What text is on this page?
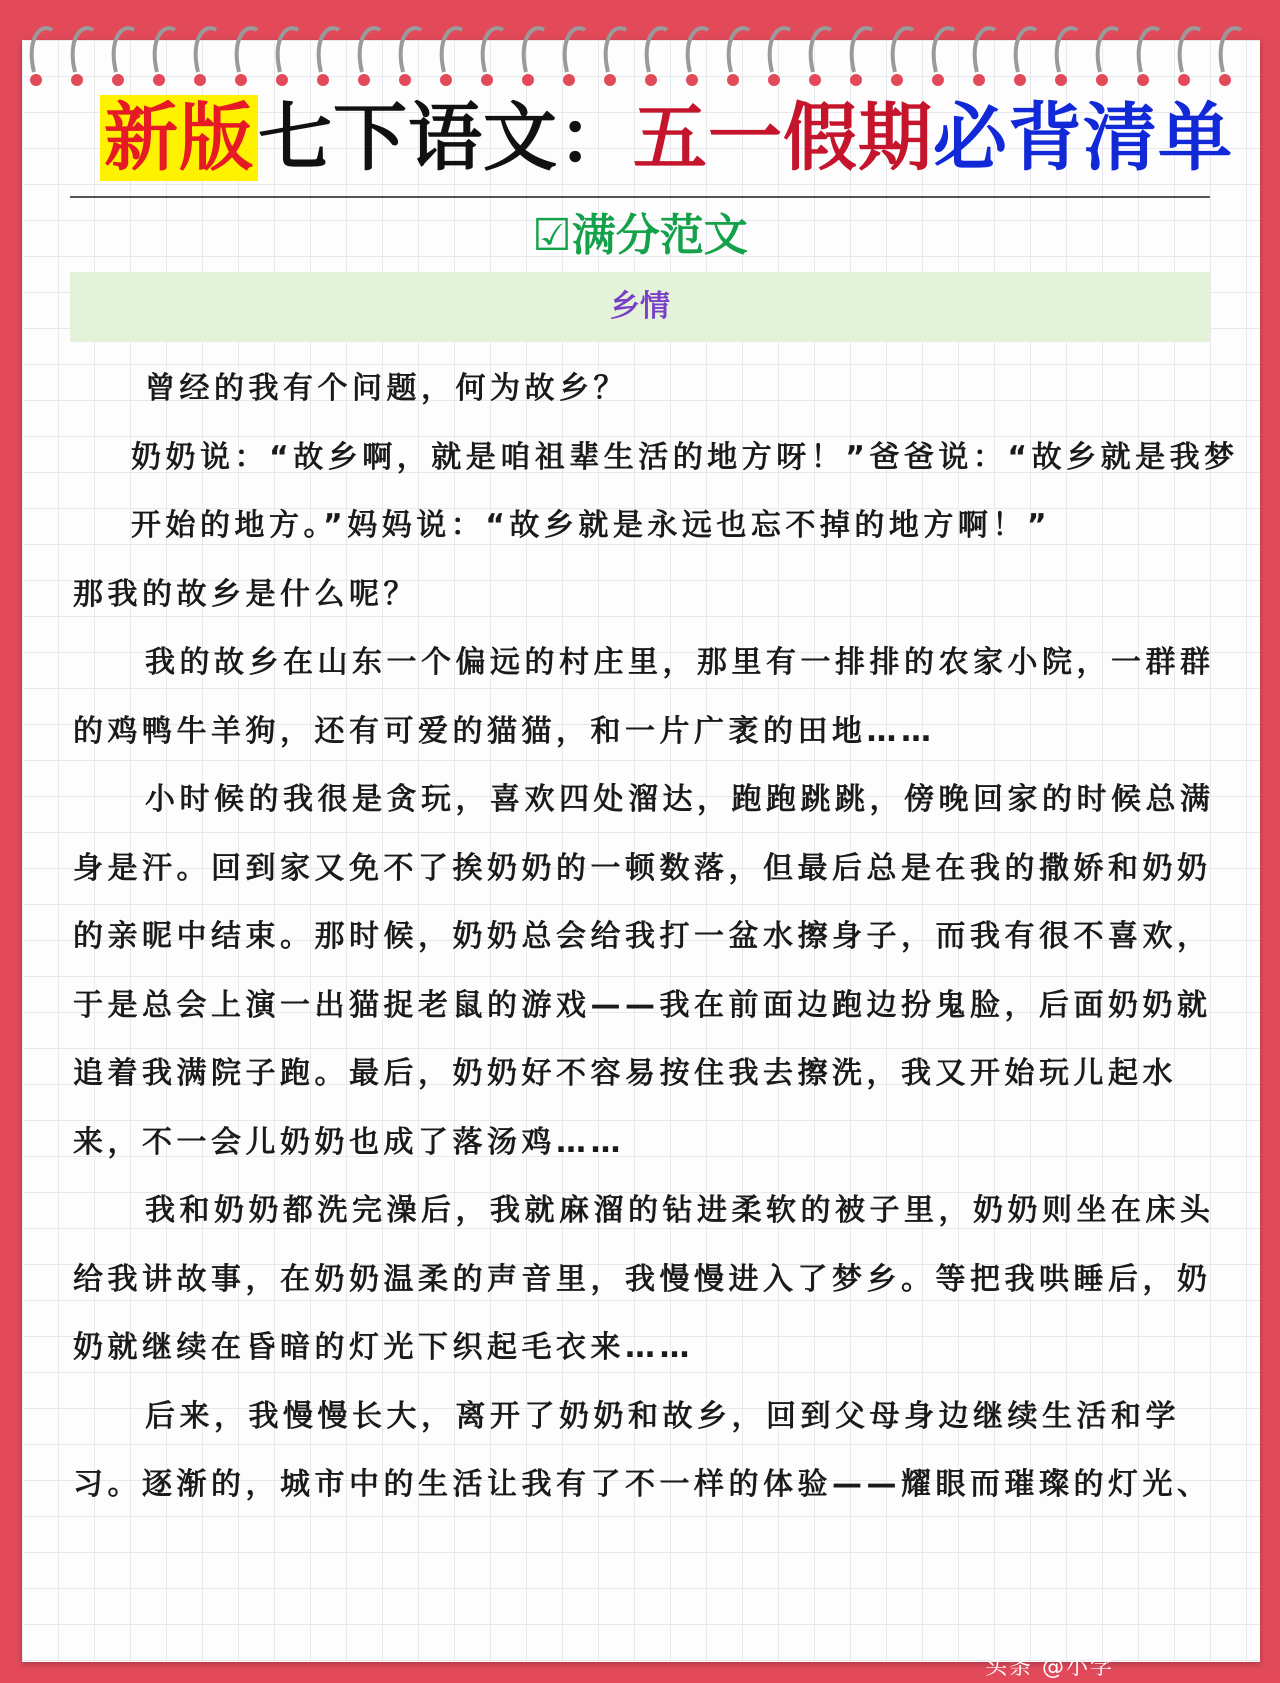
新版七下语文：五一假期必背清单
☑满分范文
乡情

曾经的我有个问题，何为故乡？

奶奶说：“故乡啊，就是咱祖辈生活的地方呀！”爸爸说：“故乡就是我梦开始的地方。”妈妈说：“故乡就是永远也忘不掉的地方啊！”

那我的故乡是什么呢？

我的故乡在山东一个偏远的村庄里，那里有一排排的农家小院，一群群的鸡鸭牛羊狗，还有可爱的猫猫，和一片广袤的田地……

小时候的我很是贪玩，喜欢四处溜达，跑跑跳跳，傍晚回家的时候总满身是汗。回到家又免不了挨奶奶的一顿数落，但最后总是在我的撒娇和奶奶的亲昵中结束。那时候，奶奶总会给我打一盆水擦身子，而我有很不喜欢，于是总会上演一出猫捉老鼠的游戏——我在前面边跑边扮鬼脸，后面奶奶就追着我满院子跑。最后，奶奶好不容易按住我去擦洗，我又开始玩儿起水来，不一会儿奶奶也成了落汤鸡……

我和奶奶都洗完澡后，我就麻溜的钻进柔软的被子里，奶奶则坐在床头给我讲故事，在奶奶温柔的声音里，我慢慢进入了梦乡。等把我哄睡后，奶奶就继续在昏暗的灯光下织起毛衣来……

后来，我慢慢长大，离开了奶奶和故乡，回到父母身边继续生活和学习。逐渐的，城市中的生活让我有了不一样的体验——耀眼而璀璨的灯光、

头条 @小学
